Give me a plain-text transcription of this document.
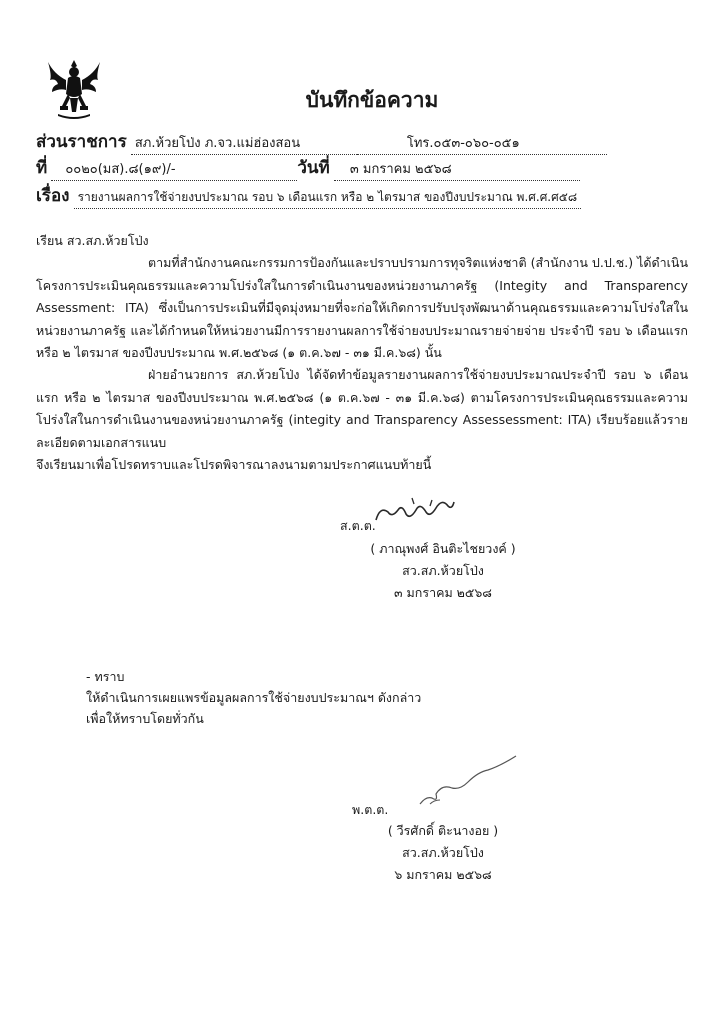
บันทึกข้อความ
ส่วนราชการ สภ.ห้วยโป่ง ภ.จว.แม่ฮ่องสอน	โทร.๐๕๓-๐๖๐-๐๕๑
ที่ ๐๐๒๐(มส).๘(๑๙)/-	วันที่ ๓ มกราคม ๒๕๖๘
เรื่อง รายงานผลการใช้จ่ายงบประมาณ รอบ ๖ เดือนแรก หรือ ๒ ไตรมาส ของปีงบประมาณ พ.ศ.ศ.ศ๕๘
เรียน สว.สภ.ห้วยโป่ง
ตามที่สำนักงานคณะกรรมการป้องกันและปราบปรามการทุจริตแห่งชาติ (สำนักงาน ป.ป.ช.) ได้ดำเนินโครงการประเมินคุณธรรมและความโปร่งใสในการดำเนินงานของหน่วยงานภาครัฐ (Integity and Transparency Assessment: ITA) ซึ่งเป็นการประเมินที่มีจุดมุ่งหมายที่จะก่อให้เกิดการปรับปรุงพัฒนาด้านคุณธรรมและความโปร่งใสในหน่วยงานภาครัฐ และได้กำหนดให้หน่วยงานมีการรายงานผลการใช้จ่ายงบประมาณรายจ่ายจ่าย ประจำปี รอบ ๖ เดือนแรก หรือ ๒ ไตรมาส ของปีงบประมาณ พ.ศ.๒๕๖๘ (๑ ต.ค.๖๗ - ๓๑ มี.ค.๖๘) นั้น
ฝ่ายอำนวยการ สภ.ห้วยโป่ง ได้จัดทำข้อมูลรายงานผลการใช้จ่ายงบประมาณประจำปี รอบ ๖ เดือนแรก หรือ ๒ ไตรมาส ของปีงบประมาณ พ.ศ.๒๕๖๘ (๑ ต.ค.๖๗ - ๓๑ มี.ค.๖๘) ตามโครงการประเมินคุณธรรมและความโปร่งใสในการดำเนินงานของหน่วยงานภาครัฐ (integity and Transparency Assessessment: ITA) เรียบร้อยแล้วรายละเอียดตามเอกสารแนบ
จึงเรียนมาเพื่อโปรดทราบและโปรดพิจารณาลงนามตามประกาศแนบท้ายนี้
ส.ต.ต.
( ภาณุพงศ์ อินติะไชยวงค์ )
สว.สภ.ห้วยโป่ง
๓ มกราคม ๒๕๖๘
- ทราบ
ให้ดำเนินการเผยแพรข้อมูลผลการใช้จ่ายงบประมาณฯ ดังกล่าว
เพื่อให้ทราบโดยทั่วกัน
พ.ต.ต.
( วีรศักดิ์ ติะนางอย )
สว.สภ.ห้วยโป่ง
๖ มกราคม ๒๕๖๘
